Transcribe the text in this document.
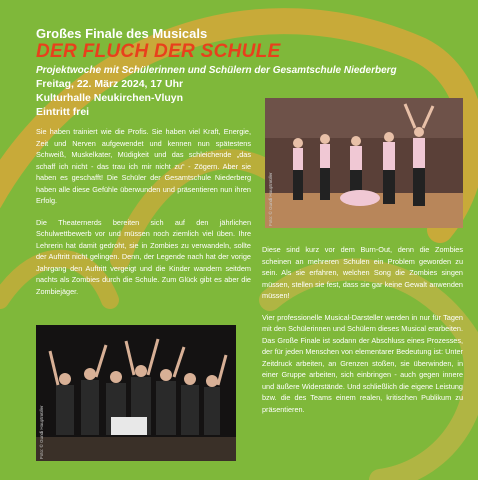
Großes Finale des Musicals
DER FLUCH DER SCHULE
Projektwoche mit Schülerinnen und Schülern der Gesamtschule Niederberg
Freitag, 22. März 2024, 17 Uhr
Kulturhalle Neukirchen-Vluyn
Eintritt frei

Sie haben trainiert wie die Profis. Sie haben viel Kraft, Energie, Zeit und Nerven aufgewendet und kennen nun spätestens Schweiß, Muskelkater, Müdigkeit und das schleichende „das schaff ich nicht - das trau ich mir nicht zu“ - Zögern. Aber sie haben es geschafft! Die Schüler der Gesamtschule Niederberg haben alle diese Gefühle überwunden und präsentieren nun ihren Erfolg.

Die Theaternerds bereiten sich auf den jährlichen Schulwettbewerb vor und müssen noch ziemlich viel üben. Ihre Lehrerin hat damit gedroht, sie in Zombies zu verwandeln, sollte der Auftritt nicht gelingen. Denn, der Legende nach hat der vorige Jahrgang den Auftritt vergeigt und die Kinder wandern seitdem nachts als Zombies durch die Schule. Zum Glück gibt es aber die Zombiejäger.

Foto: © Gundi Hauptmüller

Diese sind kurz vor dem Burn-Out, denn die Zombies scheinen an mehreren Schulen ein Problem geworden zu sein. Als sie erfahren, welchen Song die Zombies singen müssen, stellen sie fest, dass sie gar keine Gewalt anwenden müssen!

Vier professionelle Musical-Darsteller werden in nur für Tagen mit den Schülerinnen und Schülern dieses Musical erarbeiten. Das Große Finale ist sodann der Abschluss eines Prozesses, der für jeden Menschen von elementarer Bedeutung ist: Unter Zeitdruck arbeiten, an Grenzen stoßen, sie überwinden, in einer Gruppe arbeiten, sich einbringen - auch gegen innere und äußere Widerstände. Und schließlich die eigene Leistung bzw. die des Teams einem realen, kritischen Publikum zu präsentieren.

Foto: © Gundi Hauptmüller
